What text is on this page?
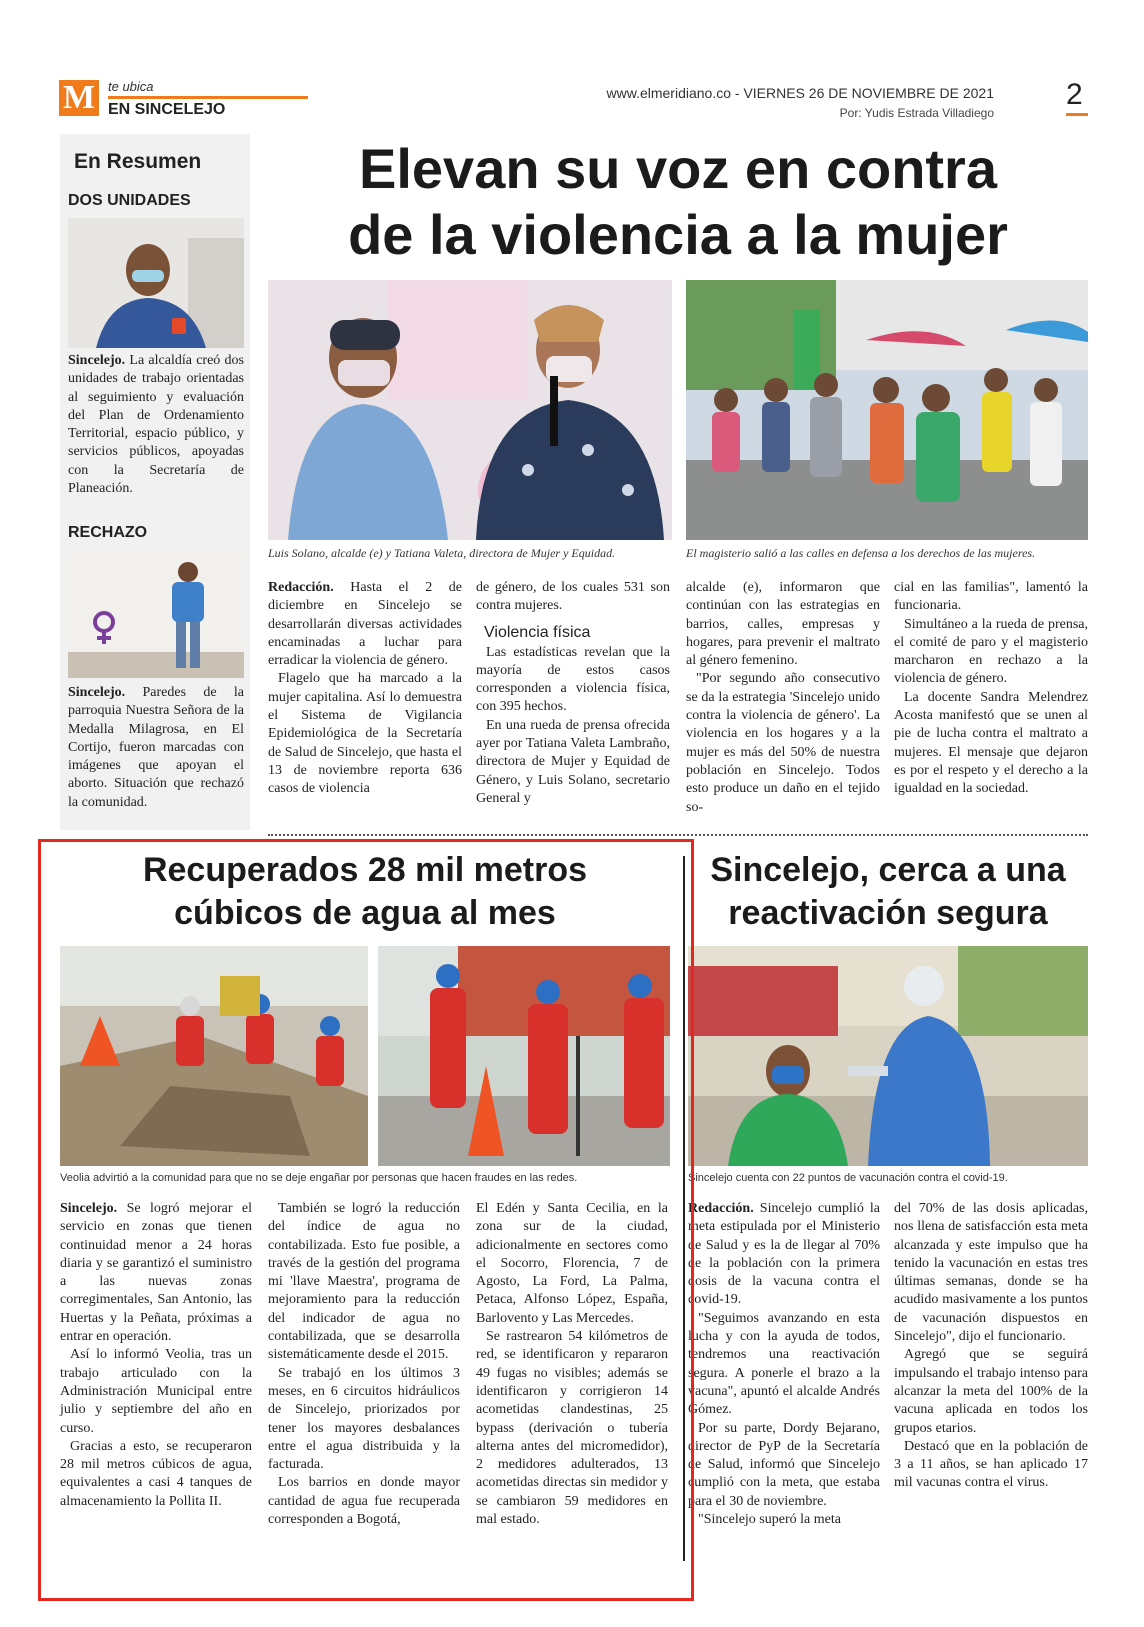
M te ubica
EN SINCELEJO
www.elmeridiano.co - VIERNES 26 DE NOVIEMBRE DE 2021
Por: Yudis Estrada Villadiego
2
En Resumen
DOS UNIDADES
Sincelejo. La alcaldía creó dos unidades de trabajo orientadas al seguimiento y evaluación del Plan de Ordenamiento Territorial, espacio público, y servicios públicos, apoyadas con la Secretaría de Planeación.
RECHAZO
Sincelejo. Paredes de la parroquia Nuestra Señora de la Medalla Milagrosa, en El Cortijo, fueron marcadas con imágenes que apoyan el aborto. Situación que rechazó la comunidad.
Elevan su voz en contra
de la violencia a la mujer
Luis Solano, alcalde (e) y Tatiana Valeta, directora de Mujer y Equidad.	El magisterio salió a las calles en defensa a los derechos de las mujeres.

Redacción. Hasta el 2 de diciembre en Sincelejo se desarrollarán diversas actividades encaminadas a luchar para erradicar la violencia de género.

Flagelo que ha marcado a la mujer capitalina. Así lo demuestra el Sistema de Vigilancia Epidemiológica de la Secretaría de Salud de Sincelejo, que hasta el 13 de noviembre reporta 636 casos de violencia

de género, de los cuales 531 son contra mujeres.

Violencia física

Las estadísticas revelan que la mayoría de estos casos corresponden a violencia física, con 395 hechos.

En una rueda de prensa ofrecida ayer por Tatiana Valeta Lambraño, directora de Mujer y Equidad de Género, y Luis Solano, secretario General y

alcalde (e), informaron que continúan con las estrategias en barrios, calles, empresas y hogares, para prevenir el maltrato al género femenino.

"Por segundo año consecutivo se da la estrategia 'Sincelejo unido contra la violencia de género'. La violencia en los hogares y a la mujer es más del 50% de nuestra población en Sincelejo. Todos esto produce un daño en el tejido so-

cial en las familias", lamentó la funcionaria.

Simultáneo a la rueda de prensa, el comité de paro y el magisterio marcharon en rechazo a la violencia de género.

La docente Sandra Melendrez Acosta manifestó que se unen al pie de lucha contra el maltrato a mujeres. El mensaje que dejaron es por el respeto y el derecho a la igualdad en la sociedad.

Recuperados 28 mil metros
cúbicos de agua al mes
Veolia advirtió a la comunidad para que no se deje engañar por personas que hacen fraudes en las redes.

Sincelejo. Se logró mejorar el servicio en zonas que tienen continuidad menor a 24 horas diaria y se garantizó el suministro a las nuevas zonas corregimentales, San Antonio, las Huertas y la Peñata, próximas a entrar en operación.

Así lo informó Veolia, tras un trabajo articulado con la Administración Municipal entre julio y septiembre del año en curso.

Gracias a esto, se recuperaron 28 mil metros cúbicos de agua, equivalentes a casi 4 tanques de almacenamiento la Pollita II.

También se logró la reducción del índice de agua no contabilizada. Esto fue posible, a través de la gestión del programa mi 'llave Maestra', programa de mejoramiento para la reducción del indicador de agua no contabilizada, que se desarrolla sistemáticamente desde el 2015.

Se trabajó en los últimos 3 meses, en 6 circuitos hidráulicos de Sincelejo, priorizados por tener los mayores desbalances entre el agua distribuida y la facturada.

Los barrios en donde mayor cantidad de agua fue recuperada corresponden a Bogotá,

El Edén y Santa Cecilia, en la zona sur de la ciudad, adicionalmente en sectores como el Socorro, Florencia, 7 de Agosto, La Ford, La Palma, Petaca, Alfonso López, España, Barlovento y Las Mercedes.

Se rastrearon 54 kilómetros de red, se identificaron y repararon 49 fugas no visibles; además se identificaron y corrigieron 14 acometidas clandestinas, 25 bypass (derivación o tubería alterna antes del micromedidor), 2 medidores adulterados, 13 acometidas directas sin medidor y se cambiaron 59 medidores en mal estado.

Sincelejo, cerca a una
reactivación segura
Sincelejo cuenta con 22 puntos de vacunación contra el covid-19.

Redacción. Sincelejo cumplió la meta estipulada por el Ministerio de Salud y es la de llegar al 70% de la población con la primera dosis de la vacuna contra el covid-19.

"Seguimos avanzando en esta lucha y con la ayuda de todos, tendremos una reactivación segura. A ponerle el brazo a la vacuna", apuntó el alcalde Andrés Gómez.

Por su parte, Dordy Bejarano, director de PyP de la Secretaría de Salud, informó que Sincelejo cumplió con la meta, que estaba para el 30 de noviembre.

"Sincelejo superó la meta

del 70% de las dosis aplicadas, nos llena de satisfacción esta meta alcanzada y este impulso que ha tenido la vacunación en estas tres últimas semanas, donde se ha acudido masivamente a los puntos de vacunación dispuestos en Sincelejo", dijo el funcionario.

Agregó que se seguirá impulsando el trabajo intenso para alcanzar la meta del 100% de la vacuna aplicada en todos los grupos etarios.

Destacó que en la población de 3 a 11 años, se han aplicado 17 mil vacunas contra el virus.
